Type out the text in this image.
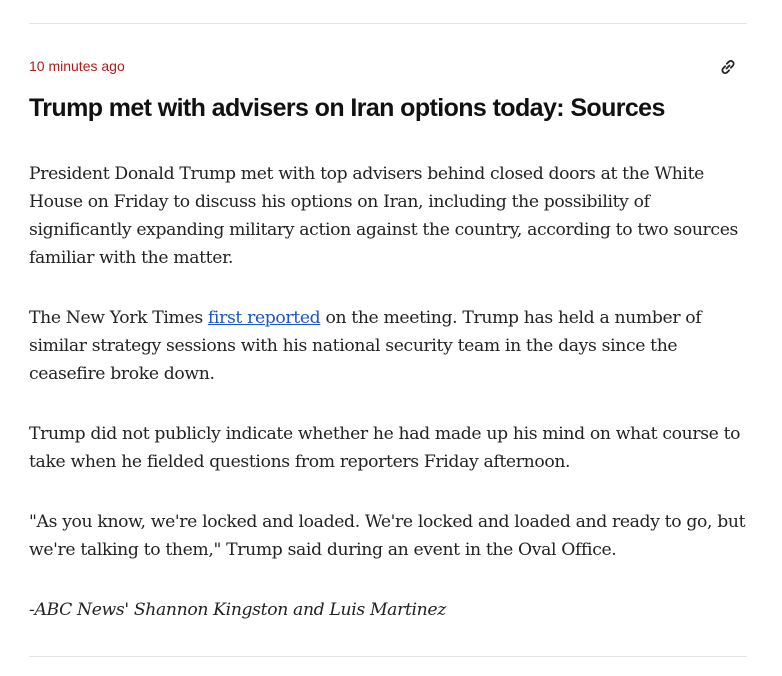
10 minutes ago
Trump met with advisers on Iran options today: Sources

President Donald Trump met with top advisers behind closed doors at the White House on Friday to discuss his options on Iran, including the possibility of significantly expanding military action against the country, according to two sources familiar with the matter.

The New York Times first reported on the meeting. Trump has held a number of similar strategy sessions with his national security team in the days since the ceasefire broke down.

Trump did not publicly indicate whether he had made up his mind on what course to take when he fielded questions from reporters Friday afternoon.

"As you know, we're locked and loaded. We're locked and loaded and ready to go, but we're talking to them," Trump said during an event in the Oval Office.

-ABC News' Shannon Kingston and Luis Martinez
